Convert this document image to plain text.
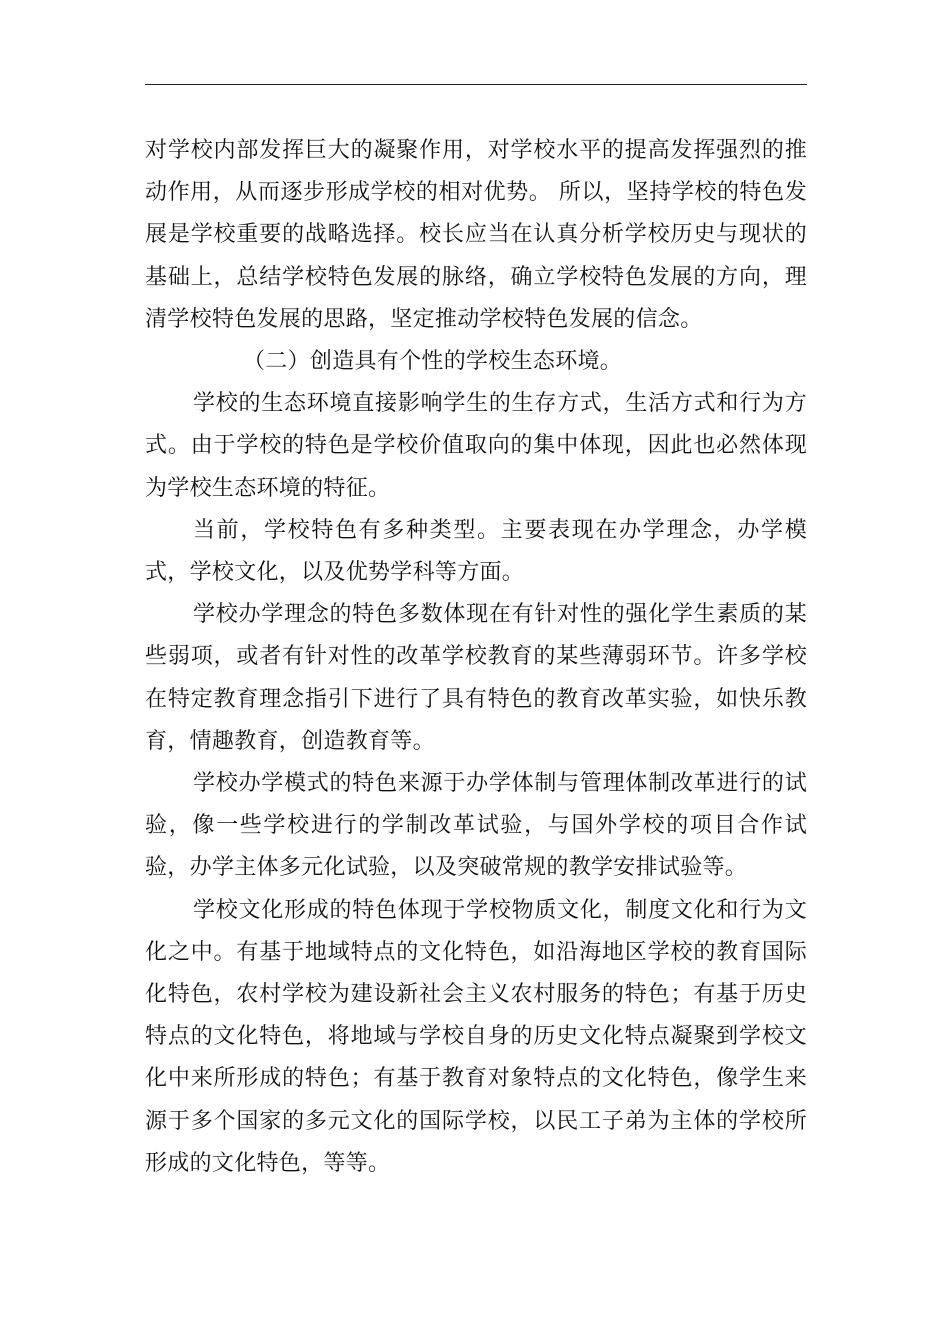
对学校内部发挥巨大的凝聚作用，对学校水平的提高发挥强烈的推动作用，从而逐步形成学校的相对优势。 所以，坚持学校的特色发展是学校重要的战略选择。校长应当在认真分析学校历史与现状的基础上，总结学校特色发展的脉络，确立学校特色发展的方向，理清学校特色发展的思路，坚定推动学校特色发展的信念。

（二）创造具有个性的学校生态环境。

学校的生态环境直接影响学生的生存方式，生活方式和行为方式。由于学校的特色是学校价值取向的集中体现，因此也必然体现为学校生态环境的特征。

当前，学校特色有多种类型。主要表现在办学理念，办学模式，学校文化，以及优势学科等方面。

学校办学理念的特色多数体现在有针对性的强化学生素质的某些弱项，或者有针对性的改革学校教育的某些薄弱环节。许多学校在特定教育理念指引下进行了具有特色的教育改革实验，如快乐教育，情趣教育，创造教育等。

学校办学模式的特色来源于办学体制与管理体制改革进行的试验，像一些学校进行的学制改革试验，与国外学校的项目合作试验，办学主体多元化试验，以及突破常规的教学安排试验等。

学校文化形成的特色体现于学校物质文化，制度文化和行为文化之中。有基于地域特点的文化特色，如沿海地区学校的教育国际化特色，农村学校为建设新社会主义农村服务的特色；有基于历史特点的文化特色，将地域与学校自身的历史文化特点凝聚到学校文化中来所形成的特色；有基于教育对象特点的文化特色，像学生来源于多个国家的多元文化的国际学校，以民工子弟为主体的学校所形成的文化特色，等等。
